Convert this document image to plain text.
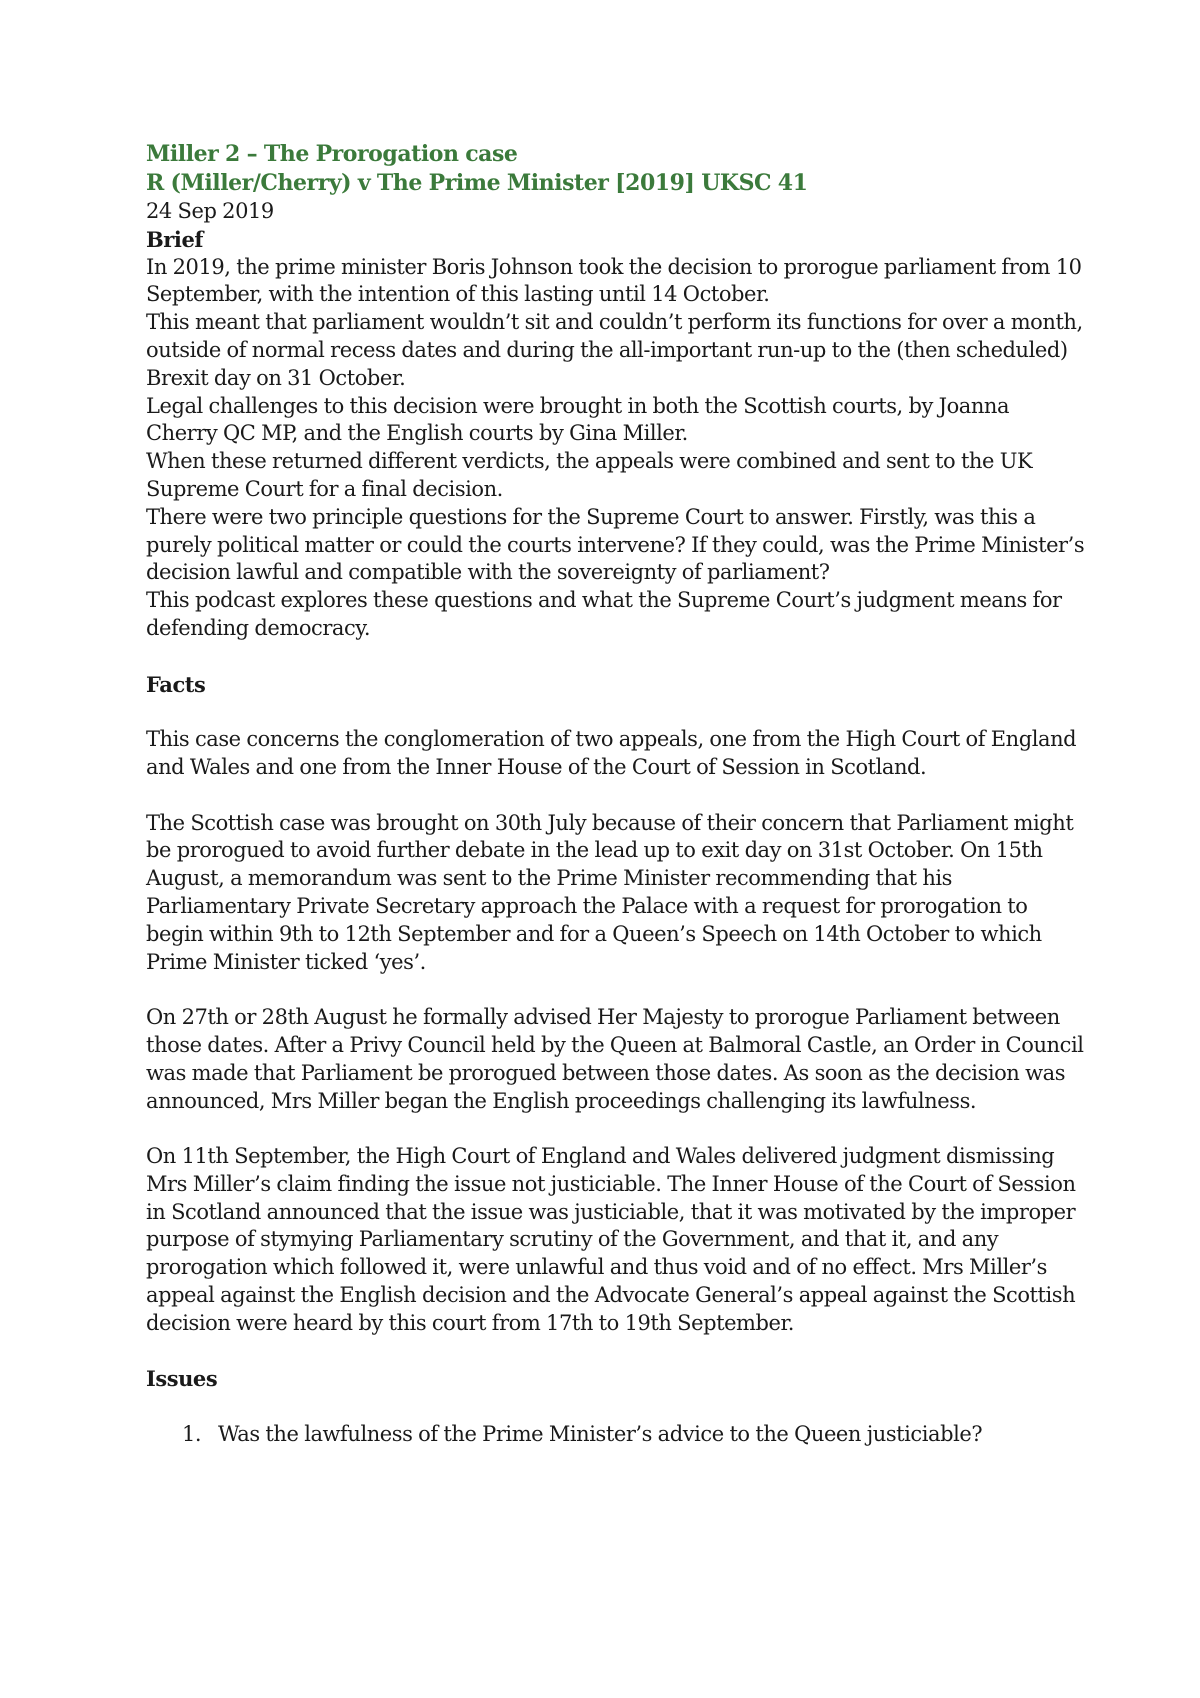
Miller 2 – The Prorogation case

R (Miller/Cherry) v The Prime Minister [2019] UKSC 41

24 Sep 2019

Brief

In 2019, the prime minister Boris Johnson took the decision to prorogue parliament from 10 September, with the intention of this lasting until 14 October.

This meant that parliament wouldn’t sit and couldn’t perform its functions for over a month, outside of normal recess dates and during the all-important run-up to the (then scheduled) Brexit day on 31 October.

Legal challenges to this decision were brought in both the Scottish courts, by Joanna Cherry QC MP, and the English courts by Gina Miller.

When these returned different verdicts, the appeals were combined and sent to the UK Supreme Court for a final decision.

There were two principle questions for the Supreme Court to answer. Firstly, was this a purely political matter or could the courts intervene? If they could, was the Prime Minister’s decision lawful and compatible with the sovereignty of parliament?

This podcast explores these questions and what the Supreme Court’s judgment means for defending democracy.

Facts

This case concerns the conglomeration of two appeals, one from the High Court of England and Wales and one from the Inner House of the Court of Session in Scotland.

The Scottish case was brought on 30th July because of their concern that Parliament might be prorogued to avoid further debate in the lead up to exit day on 31st October. On 15th August, a memorandum was sent to the Prime Minister recommending that his Parliamentary Private Secretary approach the Palace with a request for prorogation to begin within 9th to 12th September and for a Queen’s Speech on 14th October to which Prime Minister ticked ‘yes’.

On 27th or 28th August he formally advised Her Majesty to prorogue Parliament between those dates. After a Privy Council held by the Queen at Balmoral Castle, an Order in Council was made that Parliament be prorogued between those dates. As soon as the decision was announced, Mrs Miller began the English proceedings challenging its lawfulness.

On 11th September, the High Court of England and Wales delivered judgment dismissing Mrs Miller’s claim finding the issue not justiciable. The Inner House of the Court of Session in Scotland announced that the issue was justiciable, that it was motivated by the improper purpose of stymying Parliamentary scrutiny of the Government, and that it, and any prorogation which followed it, were unlawful and thus void and of no effect. Mrs Miller’s appeal against the English decision and the Advocate General’s appeal against the Scottish decision were heard by this court from 17th to 19th September.

Issues

1. Was the lawfulness of the Prime Minister’s advice to the Queen justiciable?
